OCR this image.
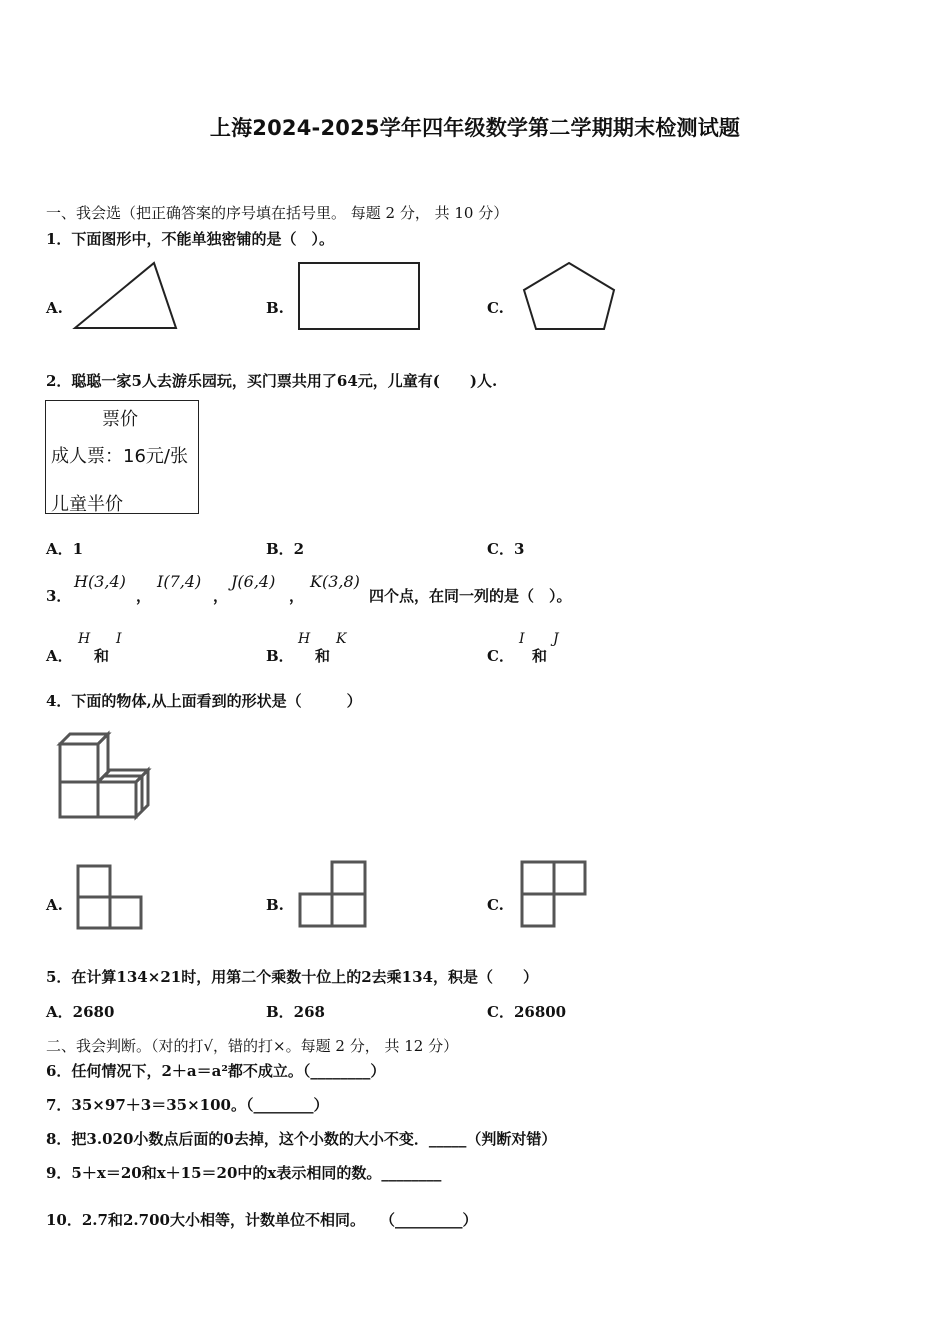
上海2024-2025学年四年级数学第二学期期末检测试题
一、我会选（把正确答案的序号填在括号里。 每题 2 分， 共 10 分）
1．下面图形中，不能单独密铺的是（　）。
A.	B.	C.
2．聪聪一家5人去游乐园玩，买门票共用了64元，儿童有(　　)人.
票价
成人票：16元/张
儿童半价
A．1	B．2	C．3
3．
H(3,4)
，
I(7,4)
，
J(6,4)
，
K(3,8)
四个点，在同一列的是（　）。
A．
H
和
I
B．
H
和
K
C．
I
和
J
4．下面的物体,从上面看到的形状是（　　　）
A.	B.	C.
5．在计算134×21时，用第二个乘数十位上的2去乘134，积是（　　）
A．2680	B．268	C．26800
二、我会判断。（对的打√，错的打×。每题 2 分， 共 12 分）
6．任何情况下，2＋a＝a²都不成立。（________）
7．35×97＋3＝35×100。（________）
8．把3.020小数点后面的0去掉，这个小数的大小不变．_____（判断对错）
9．5＋x＝20和x＋15＝20中的x表示相同的数。________
10．2.7和2.700大小相等，计数单位不相同。　　（_________）
